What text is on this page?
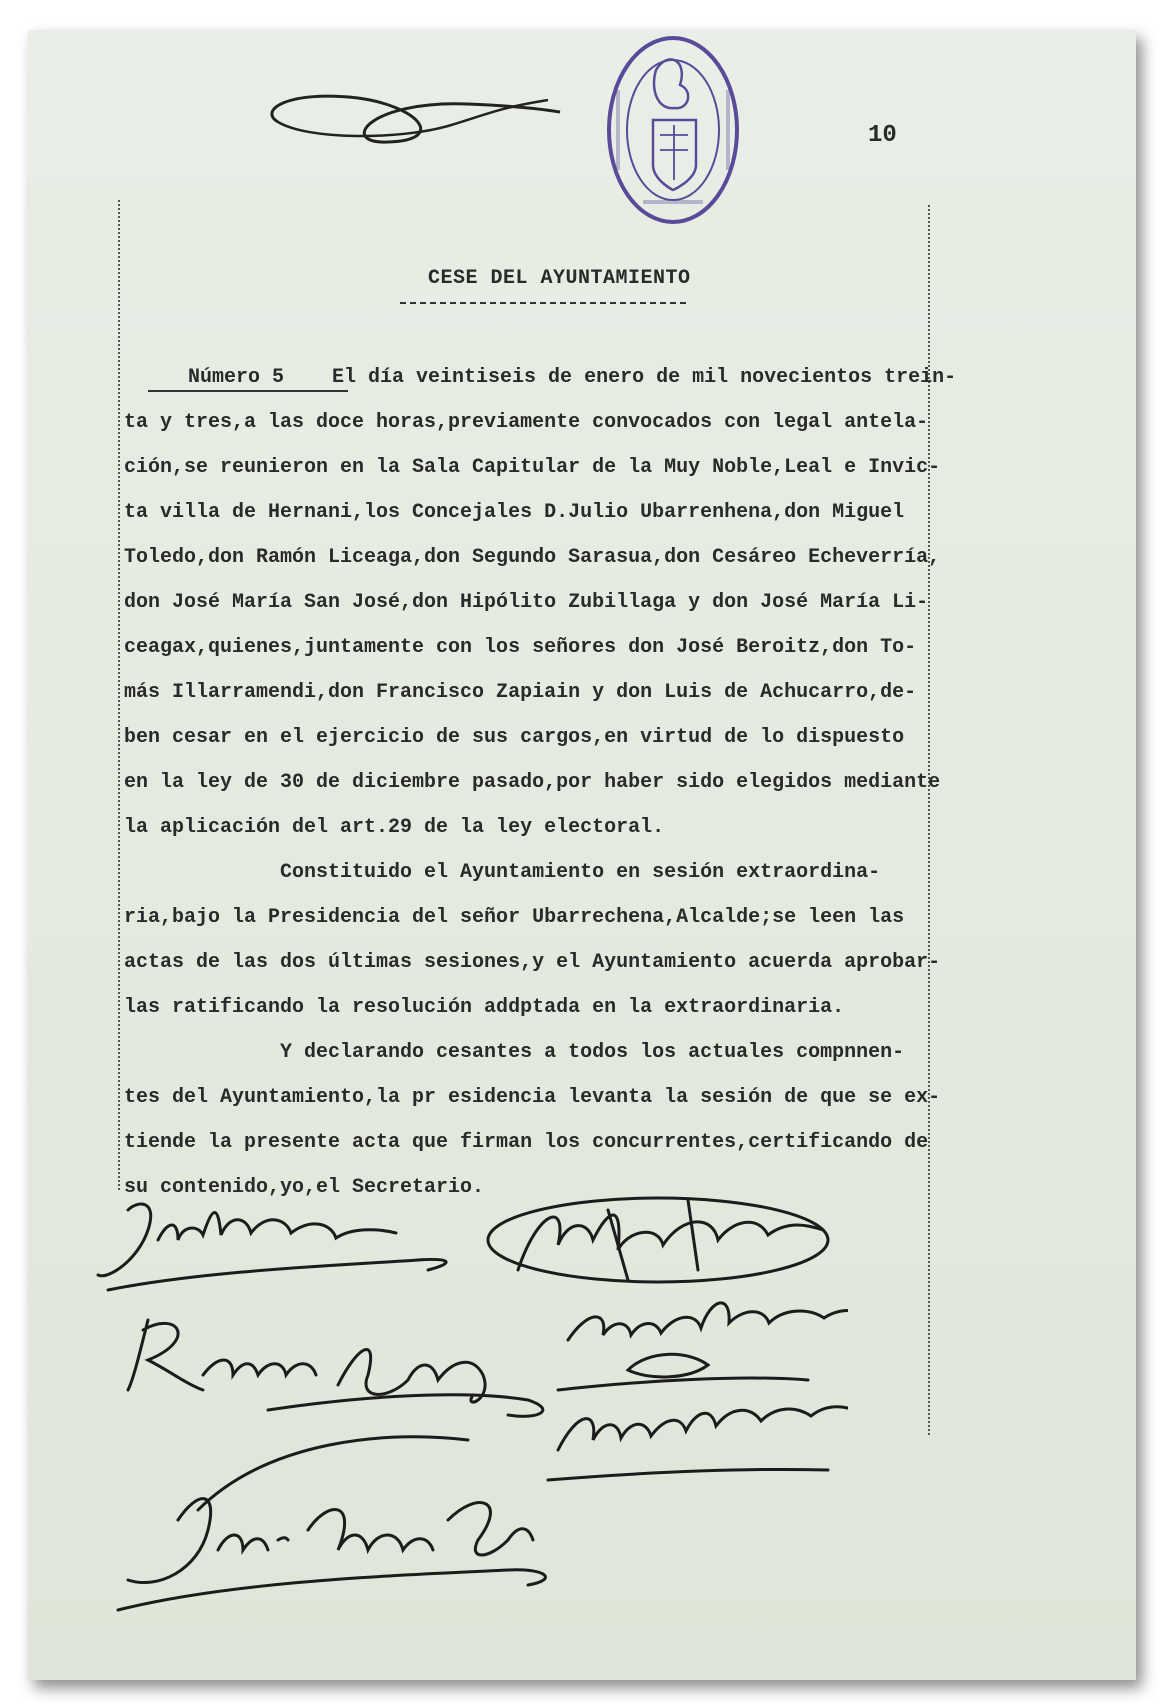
10
CESE DEL AYUNTAMIENTO
Número 5    El día veintiseis de enero de mil novecientos trein-
ta y tres,a las doce horas,previamente convocados con legal antela-
ción,se reunieron en la Sala Capitular de la Muy Noble,Leal e Invic-
ta villa de Hernani,los Concejales D.Julio Ubarrenhena,don Miguel
Toledo,don Ramón Liceaga,don Segundo Sarasua,don Cesáreo Echeverría,
don José María San José,don Hipólito Zubillaga y don José María Li-
ceagax,quienes,juntamente con los señores don José Beroitz,don To-
más Illarramendi,don Francisco Zapiain y don Luis de Achucarro,de-
ben cesar en el ejercicio de sus cargos,en virtud de lo dispuesto
en la ley de 30 de diciembre pasado,por haber sido elegidos mediante
la aplicación del art.29 de la ley electoral.
Constituido el Ayuntamiento en sesión extraordina-
ria,bajo la Presidencia del señor Ubarrechena,Alcalde;se leen las
actas de las dos últimas sesiones,y el Ayuntamiento acuerda aprobar-
las ratificando la resolución addptada en la extraordinaria.
Y declarando cesantes a todos los actuales compnnen-
tes del Ayuntamiento,la pr esidencia levanta la sesión de que se ex-
tiende la presente acta que firman los concurrentes,certificando de
su contenido,yo,el Secretario.
